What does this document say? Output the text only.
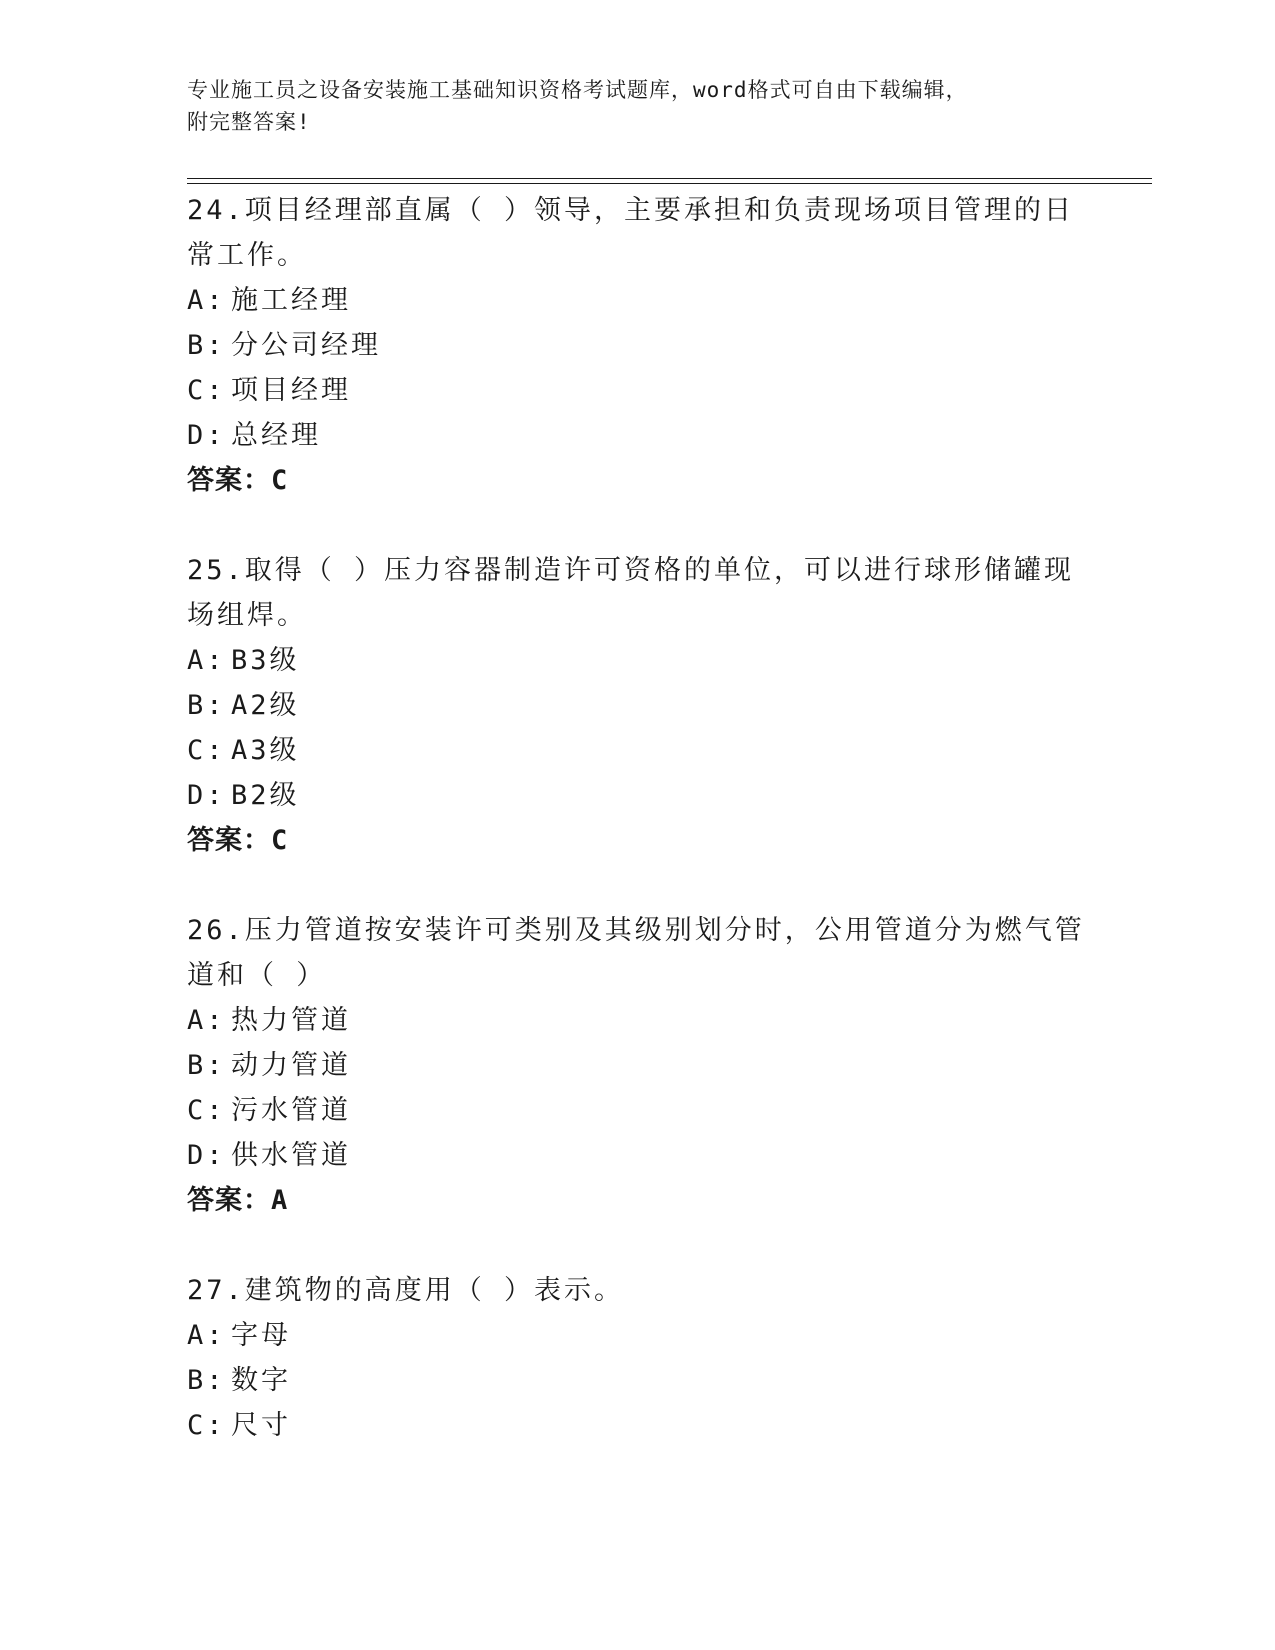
专业施工员之设备安装施工基础知识资格考试题库，word格式可自由下载编辑，
附完整答案!

24.项目经理部直属（ ）领导，主要承担和负责现场项目管理的日常工作。

A: 施工经理

B: 分公司经理

C: 项目经理

D: 总经理

答案：C

25.取得（ ）压力容器制造许可资格的单位，可以进行球形储罐现场组焊。

A: B3级

B: A2级

C: A3级

D: B2级

答案：C

26.压力管道按安装许可类别及其级别划分时，公用管道分为燃气管道和（ ）

A: 热力管道

B: 动力管道

C: 污水管道

D: 供水管道

答案：A

27.建筑物的高度用（ ）表示。

A: 字母

B: 数字

C: 尺寸
